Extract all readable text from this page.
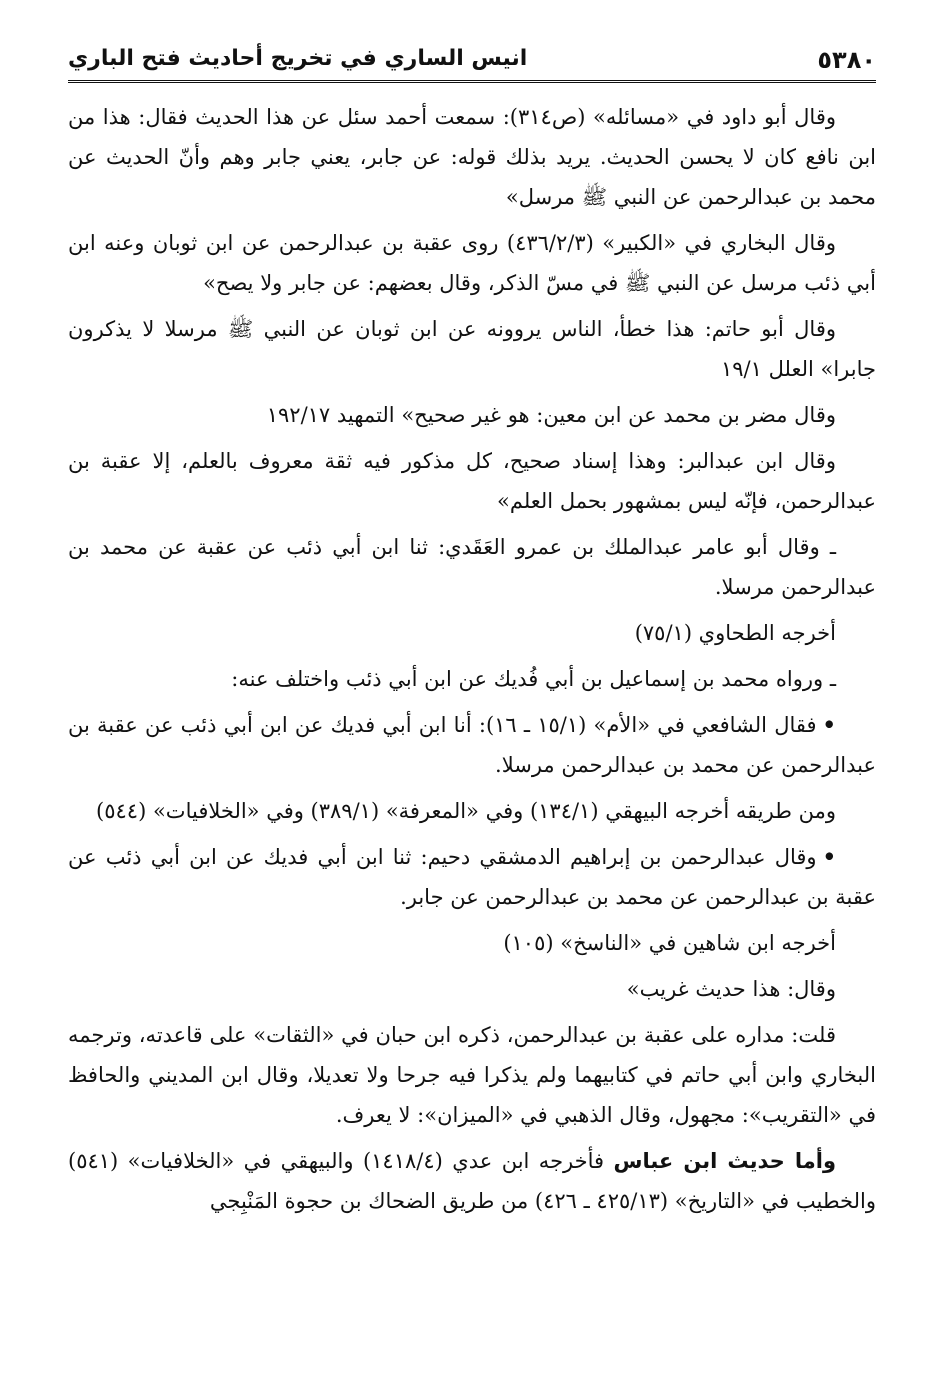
٥٣٨٠
انيس الساري في تخريج أحاديث فتح الباري

وقال أبو داود في «مسائله» (ص٣١٤): سمعت أحمد سئل عن هذا الحديث فقال: هذا من ابن نافع كان لا يحسن الحديث. يريد بذلك قوله: عن جابر، يعني جابر وهم وأنّ الحديث عن محمد بن عبدالرحمن عن النبي ﷺ مرسل»

وقال البخاري في «الكبير» (٤٣٦/٢/٣) روى عقبة بن عبدالرحمن عن ابن ثوبان وعنه ابن أبي ذئب مرسل عن النبي ﷺ في مسّ الذكر، وقال بعضهم: عن جابر ولا يصح»

وقال أبو حاتم: هذا خطأ، الناس يروونه عن ابن ثوبان عن النبي ﷺ مرسلا لا يذكرون جابرا» العلل ١٩/١

وقال مضر بن محمد عن ابن معين: هو غير صحيح» التمهيد ١٩٢/١٧

وقال ابن عبدالبر: وهذا إسناد صحيح، كل مذكور فيه ثقة معروف بالعلم، إلا عقبة بن عبدالرحمن، فإنّه ليس بمشهور بحمل العلم»

ـ وقال أبو عامر عبدالملك بن عمرو العَقَدي: ثنا ابن أبي ذئب عن عقبة عن محمد بن عبدالرحمن مرسلا.

أخرجه الطحاوي (٧٥/١)

ـ ورواه محمد بن إسماعيل بن أبي فُديك عن ابن أبي ذئب واختلف عنه:

•فقال الشافعي في «الأم» (١٥/١ ـ ١٦): أنا ابن أبي فديك عن ابن أبي ذئب عن عقبة بن عبدالرحمن عن محمد بن عبدالرحمن مرسلا.

ومن طريقه أخرجه البيهقي (١٣٤/١) وفي «المعرفة» (٣٨٩/١) وفي «الخلافيات» (٥٤٤)

•وقال عبدالرحمن بن إبراهيم الدمشقي دحيم: ثنا ابن أبي فديك عن ابن أبي ذئب عن عقبة بن عبدالرحمن عن محمد بن عبدالرحمن عن جابر.

أخرجه ابن شاهين في «الناسخ» (١٠٥)

وقال: هذا حديث غريب»

قلت: مداره على عقبة بن عبدالرحمن، ذكره ابن حبان في «الثقات» على قاعدته، وترجمه البخاري وابن أبي حاتم في كتابيهما ولم يذكرا فيه جرحا ولا تعديلا، وقال ابن المديني والحافظ في «التقريب»: مجهول، وقال الذهبي في «الميزان»: لا يعرف.

وأما حديث ابن عباس فأخرجه ابن عدي (١٤١٨/٤) والبيهقي في «الخلافيات» (٥٤١) والخطيب في «التاريخ» (٤٢٥/١٣ ـ ٤٢٦) من طريق الضحاك بن حجوة المَنْبِجي
